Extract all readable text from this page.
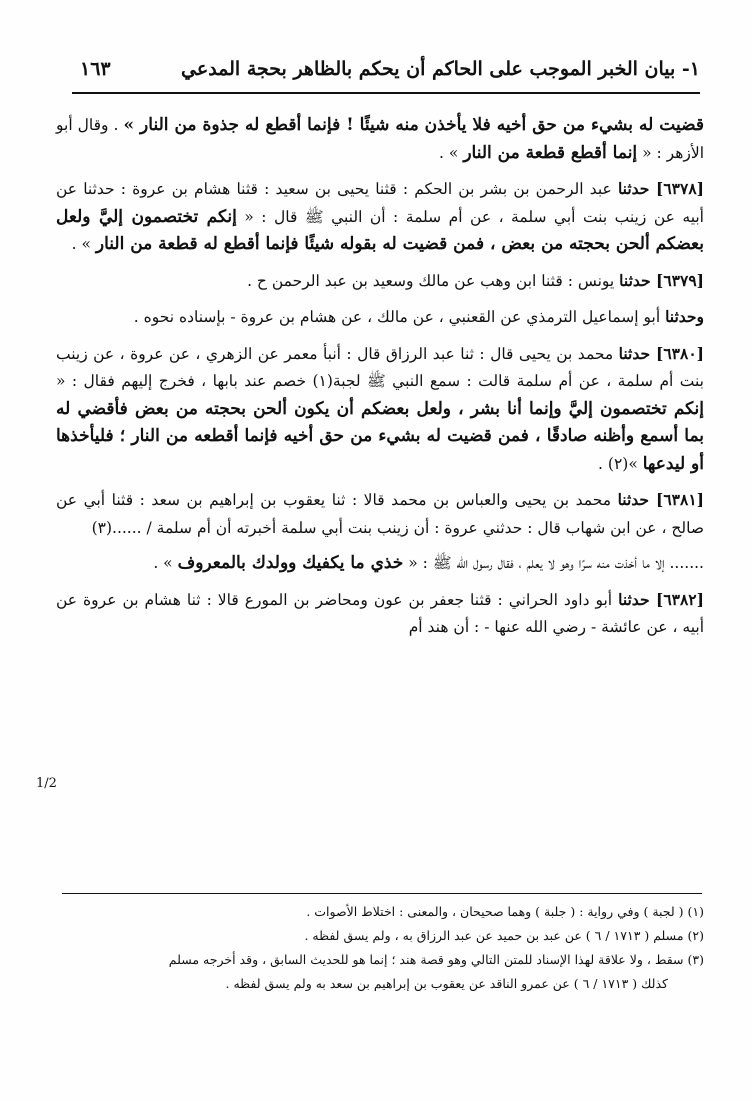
١- بيان الخبر الموجب على الحاكم أن يحكم بالظاهر بحجة المدعي
١٦٣

قضيت له بشيء من حق أخيه فلا يأخذن منه شيئًا ! فإنما أقطع له جذوة من النار » . وقال أبو الأزهر : « إنما أقطع قطعة من النار » .

[٦٣٧٨] حدثنا عبد الرحمن بن بشر بن الحكم : قثنا يحيى بن سعيد : قثنا هشام بن عروة : حدثنا عن أبيه عن زينب بنت أبي سلمة ، عن أم سلمة : أن النبي ﷺ قال : « إنكم تختصمون إليَّ ولعل بعضكم ألحن بحجته من بعض ، فمن قضيت له بقوله شيئًا فإنما أقطع له قطعة من النار » .

[٦٣٧٩] حدثنا يونس : قثنا ابن وهب عن مالك وسعيد بن عبد الرحمن ح .

وحدثنا أبو إسماعيل الترمذي عن القعنبي ، عن مالك ، عن هشام بن عروة - بإسناده نحوه .

[٦٣٨٠] حدثنا محمد بن يحيى قال : ثنا عبد الرزاق قال : أنبأ معمر عن الزهري ، عن عروة ، عن زينب بنت أم سلمة ، عن أم سلمة قالت : سمع النبي ﷺ لجبة(١) خصم عند بابها ، فخرج إليهم فقال : « إنكم تختصمون إليَّ وإنما أنا بشر ، ولعل بعضكم أن يكون ألحن بحجته من بعض فأقضي له بما أسمع وأظنه صادقًا ، فمن قضيت له بشيء من حق أخيه فإنما أقطعه من النار ؛ فليأخذها أو ليدعها »(٢) .

[٦٣٨١] حدثنا محمد بن يحيى والعباس بن محمد قالا : ثنا يعقوب بن إبراهيم بن سعد : قثنا أبي عن صالح ، عن ابن شهاب قال : حدثني عروة : أن زينب بنت أبي سلمة أخبرته أن أم سلمة / ......(٣)

....... إلا ما أخذت منه سرًا وهو لا يعلم ، فقال رسول الله ﷺ : « خذي ما يكفيك وولدك بالمعروف » .

[٦٣٨٢] حدثنا أبو داود الحراني : قثنا جعفر بن عون ومحاضر بن المورع قالا : ثنا هشام بن عروة عن أبيه ، عن عائشة - رضي الله عنها - : أن هند أم

1/2

(١) ( لجبة ) وفي رواية : ( جلبة ) وهما صحيحان ، والمعنى : اختلاط الأصوات .

(٢) مسلم ( ١٧١٣ / ٦ ) عن عبد بن حميد عن عبد الرزاق به ، ولم يسق لفظه .

(٣) سقط ، ولا علاقة لهذا الإسناد للمتن التالي وهو قصة هند ؛ إنما هو للحديث السابق ، وقد أخرجه مسلم

كذلك ( ١٧١٣ / ٦ ) عن عمرو الناقد عن يعقوب بن إبراهيم بن سعد به ولم يسق لفظه .
